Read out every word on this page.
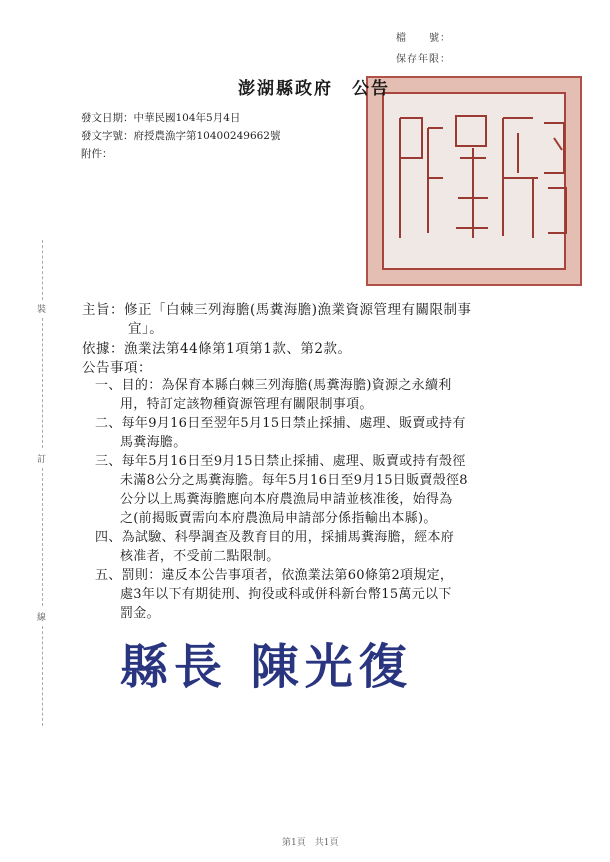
檔　　號：
保存年限：
澎湖縣政府　公告
發文日期：中華民國104年5月4日
發文字號：府授農漁字第10400249662號
附件：
裝
訂
線
主旨：修正「白棘三列海膽(馬糞海膽)漁業資源管理有關限制事
宜」。
依據：漁業法第44條第1項第1款、第2款。
公告事項：
一、目的：為保育本縣白棘三列海膽(馬糞海膽)資源之永續利
用，特訂定該物種資源管理有關限制事項。
二、每年9月16日至翌年5月15日禁止採捕、處理、販賣或持有
馬糞海膽。
三、每年5月16日至9月15日禁止採捕、處理、販賣或持有殼徑
未滿8公分之馬糞海膽。每年5月16日至9月15日販賣殼徑8
公分以上馬糞海膽應向本府農漁局申請並核准後，始得為
之(前揭販賣需向本府農漁局申請部分係指輸出本縣)。
四、為試驗、科學調查及教育目的用，採捕馬糞海膽，經本府
核准者，不受前二點限制。
五、罰則：違反本公告事項者，依漁業法第60條第2項規定，
處3年以下有期徒刑、拘役或科或併科新台幣15萬元以下
罰金。
縣長 陳光復
第1頁　共1頁
